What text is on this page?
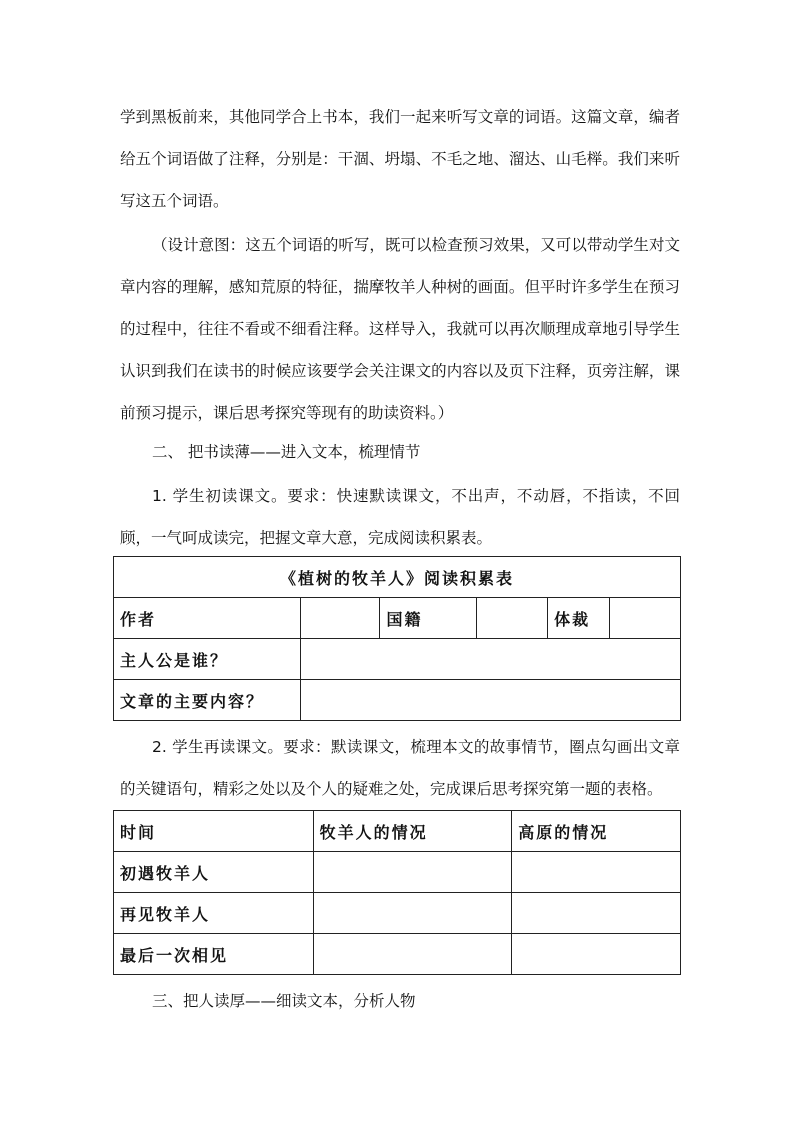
学到黑板前来，其他同学合上书本，我们一起来听写文章的词语。这篇文章，编者给五个词语做了注释，分别是：干涸、坍塌、不毛之地、溜达、山毛榉。我们来听写这五个词语。

（设计意图：这五个词语的听写，既可以检查预习效果，又可以带动学生对文章内容的理解，感知荒原的特征，揣摩牧羊人种树的画面。但平时许多学生在预习的过程中，往往不看或不细看注释。这样导入，我就可以再次顺理成章地引导学生认识到我们在读书的时候应该要学会关注课文的内容以及页下注释，页旁注解，课前预习提示，课后思考探究等现有的助读资料。）

二、 把书读薄——进入文本，梳理情节

1. 学生初读课文。要求：快速默读课文，不出声，不动唇，不指读，不回顾，一气呵成读完，把握文章大意，完成阅读积累表。

《植树的牧羊人》阅读积累表					
作者		国籍		体裁	
主人公是谁？					
文章的主要内容？					

2. 学生再读课文。要求：默读课文，梳理本文的故事情节，圈点勾画出文章的关键语句，精彩之处以及个人的疑难之处，完成课后思考探究第一题的表格。

时间	牧羊人的情况	高原的情况
初遇牧羊人		
再见牧羊人		
最后一次相见		

三、把人读厚——细读文本，分析人物
